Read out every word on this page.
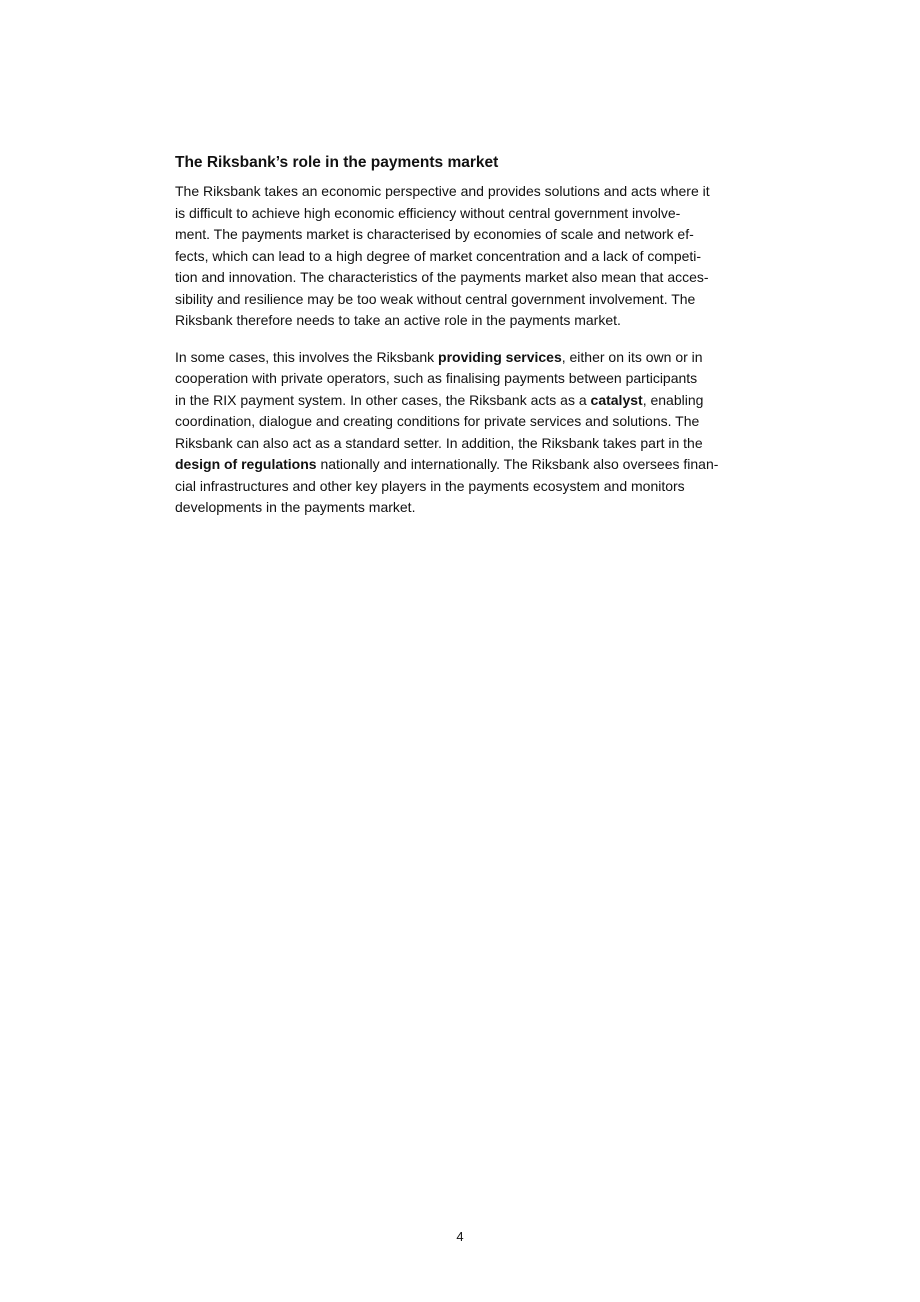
The Riksbank’s role in the payments market

The Riksbank takes an economic perspective and provides solutions and acts where it
is difficult to achieve high economic efficiency without central government involve-
ment. The payments market is characterised by economies of scale and network ef-
fects, which can lead to a high degree of market concentration and a lack of competi-
tion and innovation. The characteristics of the payments market also mean that acces-
sibility and resilience may be too weak without central government involvement. The
Riksbank therefore needs to take an active role in the payments market.

In some cases, this involves the Riksbank providing services, either on its own or in
cooperation with private operators, such as finalising payments between participants
in the RIX payment system. In other cases, the Riksbank acts as a catalyst, enabling
coordination, dialogue and creating conditions for private services and solutions. The
Riksbank can also act as a standard setter. In addition, the Riksbank takes part in the
design of regulations nationally and internationally. The Riksbank also oversees finan-
cial infrastructures and other key players in the payments ecosystem and monitors
developments in the payments market.

4
